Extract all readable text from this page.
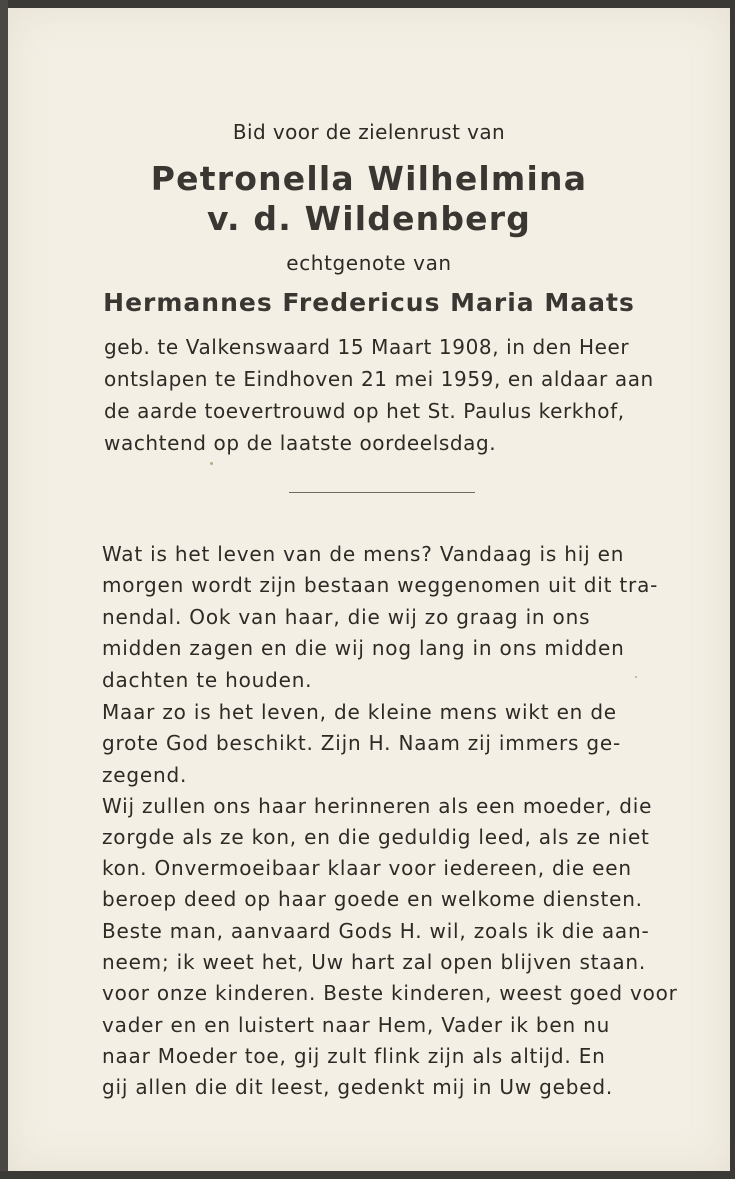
Bid voor de zielenrust van
Petronella Wilhelmina
v. d. Wildenberg
echtgenote van
Hermannes Fredericus Maria Maats
geb. te Valkenswaard 15 Maart 1908, in den Heer
ontslapen te Eindhoven 21 mei 1959, en aldaar aan
de aarde toevertrouwd op het St. Paulus kerkhof,
wachtend op de laatste oordeelsdag.
Wat is het leven van de mens? Vandaag is hij en
morgen wordt zijn bestaan weggenomen uit dit tra-
nendal. Ook van haar, die wij zo graag in ons
midden zagen en die wij nog lang in ons midden
dachten te houden.
Maar zo is het leven, de kleine mens wikt en de
grote God beschikt. Zijn H. Naam zij immers ge-
zegend.
Wij zullen ons haar herinneren als een moeder, die
zorgde als ze kon, en die geduldig leed, als ze niet
kon. Onvermoeibaar klaar voor iedereen, die een
beroep deed op haar goede en welkome diensten.
Beste man, aanvaard Gods H. wil, zoals ik die aan-
neem; ik weet het, Uw hart zal open blijven staan.
voor onze kinderen. Beste kinderen, weest goed voor
vader en en luistert naar Hem, Vader ik ben nu
naar Moeder toe, gij zult flink zijn als altijd. En
gij allen die dit leest, gedenkt mij in Uw gebed.
